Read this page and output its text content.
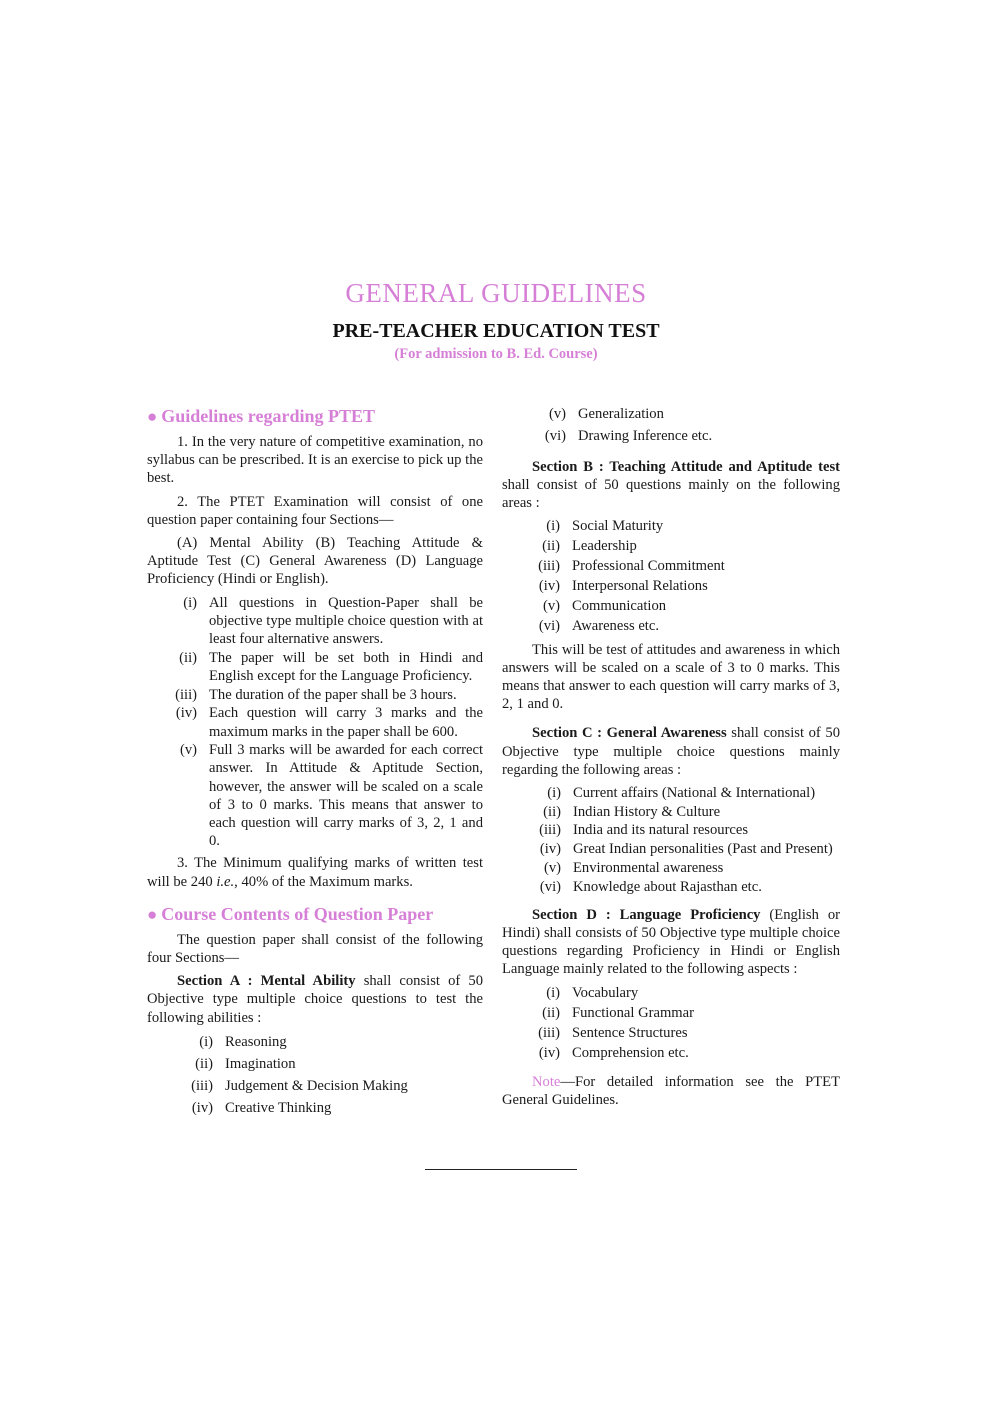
GENERAL GUIDELINES
PRE-TEACHER EDUCATION TEST
(For admission to B. Ed. Course)
● Guidelines regarding PTET

1. In the very nature of competitive examination, no syllabus can be prescribed. It is an exercise to pick up the best.

2. The PTET Examination will consist of one question paper containing four Sections—

(A) Mental Ability (B) Teaching Attitude & Aptitude Test (C) General Awareness (D) Language Proficiency (Hindi or English).

(i) All questions in Question-Paper shall be objective type multiple choice question with at least four alternative answers.
(ii) The paper will be set both in Hindi and English except for the Language Proficiency.
(iii) The duration of the paper shall be 3 hours.
(iv) Each question will carry 3 marks and the maximum marks in the paper shall be 600.
(v) Full 3 marks will be awarded for each correct answer. In Attitude & Aptitude Section, however, the answer will be scaled on a scale of 3 to 0 marks. This means that answer to each question will carry marks of 3, 2, 1 and 0.

3. The Minimum qualifying marks of written test will be 240 i.e., 40% of the Maximum marks.

● Course Contents of Question Paper

The question paper shall consist of the following four Sections—

Section A : Mental Ability shall consist of 50 Objective type multiple choice questions to test the following abilities :

(i) Reasoning
(ii) Imagination
(iii) Judgement & Decision Making
(iv) Creative Thinking
(v) Generalization
(vi) Drawing Inference etc.

Section B : Teaching Attitude and Aptitude test shall consist of 50 questions mainly on the following areas :

(i) Social Maturity
(ii) Leadership
(iii) Professional Commitment
(iv) Interpersonal Relations
(v) Communication
(vi) Awareness etc.

This will be test of attitudes and awareness in which answers will be scaled on a scale of 3 to 0 marks. This means that answer to each question will carry marks of 3, 2, 1 and 0.

Section C : General Awareness shall consist of 50 Objective type multiple choice questions mainly regarding the following areas :

(i) Current affairs (National & International)
(ii) Indian History & Culture
(iii) India and its natural resources
(iv) Great Indian personalities (Past and Present)
(v) Environmental awareness
(vi) Knowledge about Rajasthan etc.

Section D : Language Proficiency (English or Hindi) shall consists of 50 Objective type multiple choice questions regarding Proficiency in Hindi or English Language mainly related to the following aspects :

(i) Vocabulary
(ii) Functional Grammar
(iii) Sentence Structures
(iv) Comprehension etc.

Note—For detailed information see the PTET General Guidelines.
